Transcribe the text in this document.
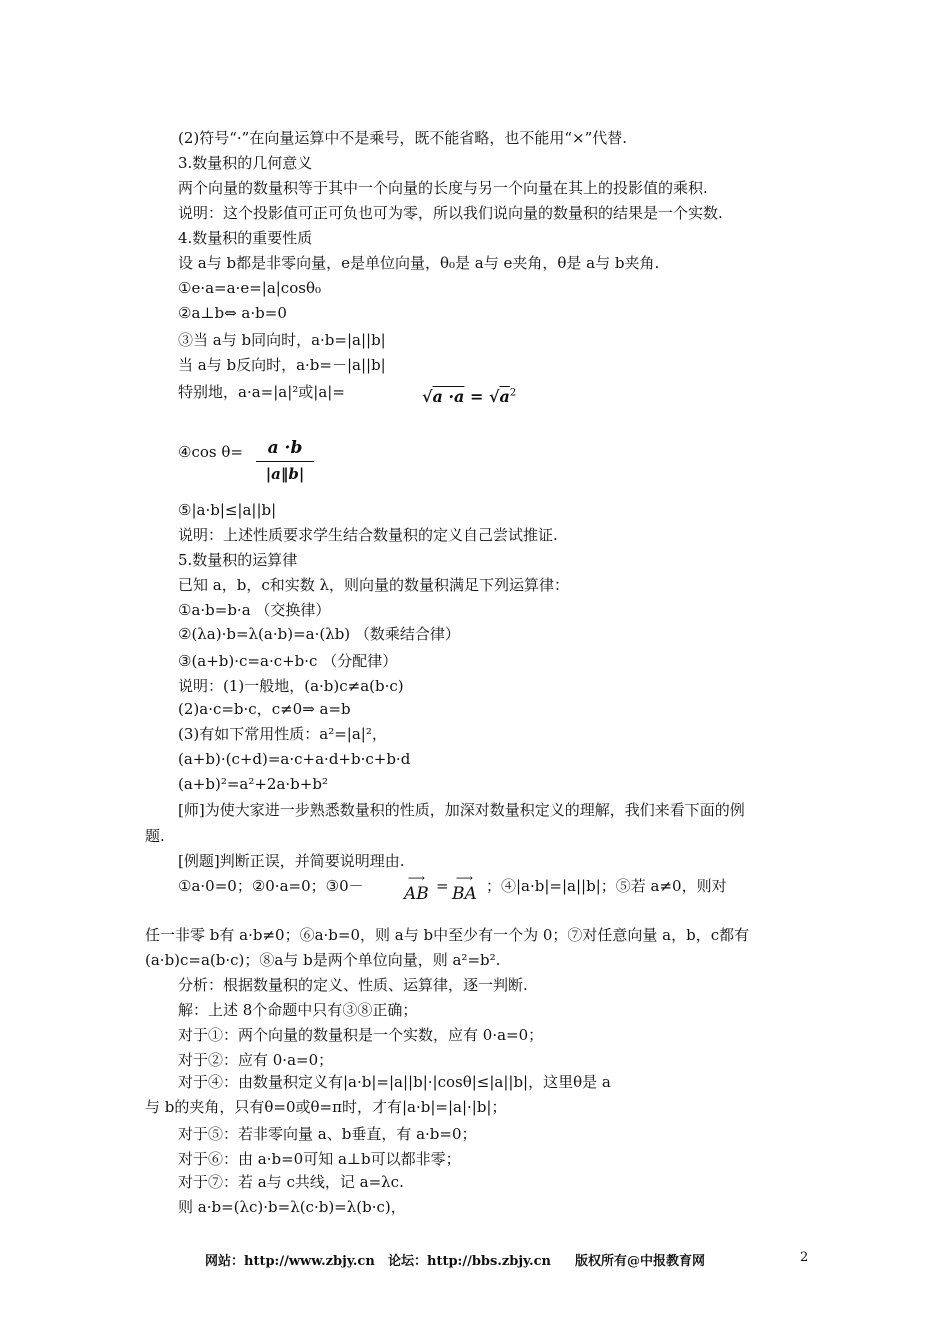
(2)符号“·”在向量运算中不是乘号，既不能省略，也不能用“×”代替.
3.数量积的几何意义
两个向量的数量积等于其中一个向量的长度与另一个向量在其上的投影值的乘积.
说明：这个投影值可正可负也可为零，所以我们说向量的数量积的结果是一个实数.
4.数量积的重要性质
设 a与 b都是非零向量，e是单位向量，θ₀是 a与 e夹角，θ是 a与 b夹角.
①e·a=a·e=|a|cosθ₀
②a⊥b⇔ a·b=0
③当 a与 b同向时，a·b=|a||b|
当 a与 b反向时，a·b=－|a||b|
特别地，a·a=|a|²或|a|=	$√a \cdot a = √a^2$
④cos θ=	a ·b
|a‖b|
⑤|a·b|≤|a||b|
说明：上述性质要求学生结合数量积的定义自己尝试推证.
5.数量积的运算律
已知 a，b，c和实数 λ，则向量的数量积满足下列运算律：
①a·b=b·a （交换律）
②(λa)·b=λ(a·b)=a·(λb) （数乘结合律）
③(a+b)·c=a·c+b·c （分配律）
说明：(1)一般地，(a·b)c≠a(b·c)
(2)a·c=b·c，c≠0⇒ a=b
(3)有如下常用性质：a²=|a|²，
(a+b)·(c+d)=a·c+a·d+b·c+b·d
(a+b)²=a²+2a·b+b²
[师]为使大家进一步熟悉数量积的性质，加深对数量积定义的理解，我们来看下面的例
题.
[例题]判断正误，并简要说明理由.
①a·0=0；②0·a=0；③0－	⟶
AB = ⟶
BA ；④|a·b|=|a||b|；⑤若 a≠0，则对
任一非零 b有 a·b≠0；⑥a·b=0，则 a与 b中至少有一个为 0；⑦对任意向量 a，b，c都有
(a·b)c=a(b·c)；⑧a与 b是两个单位向量，则 a²=b².
分析：根据数量积的定义、性质、运算律，逐一判断.
解：上述 8个命题中只有③⑧正确；
对于①：两个向量的数量积是一个实数，应有 0·a=0；
对于②：应有 0·a=0；
对于④：由数量积定义有|a·b|=|a||b|·|cosθ|≤|a||b|，这里θ是 a
与 b的夹角，只有θ=0或θ=π时，才有|a·b|=|a|·|b|；
对于⑤：若非零向量 a、b垂直，有 a·b=0；
对于⑥：由 a·b=0可知 a⊥b可以都非零；
对于⑦：若 a与 c共线，记 a=λc.
则 a·b=(λc)·b=λ(c·b)=λ(b·c)，
网站：http://www.zbjy.cn 论坛：http://bbs.zbjy.cn 版权所有@中报教育网	2
